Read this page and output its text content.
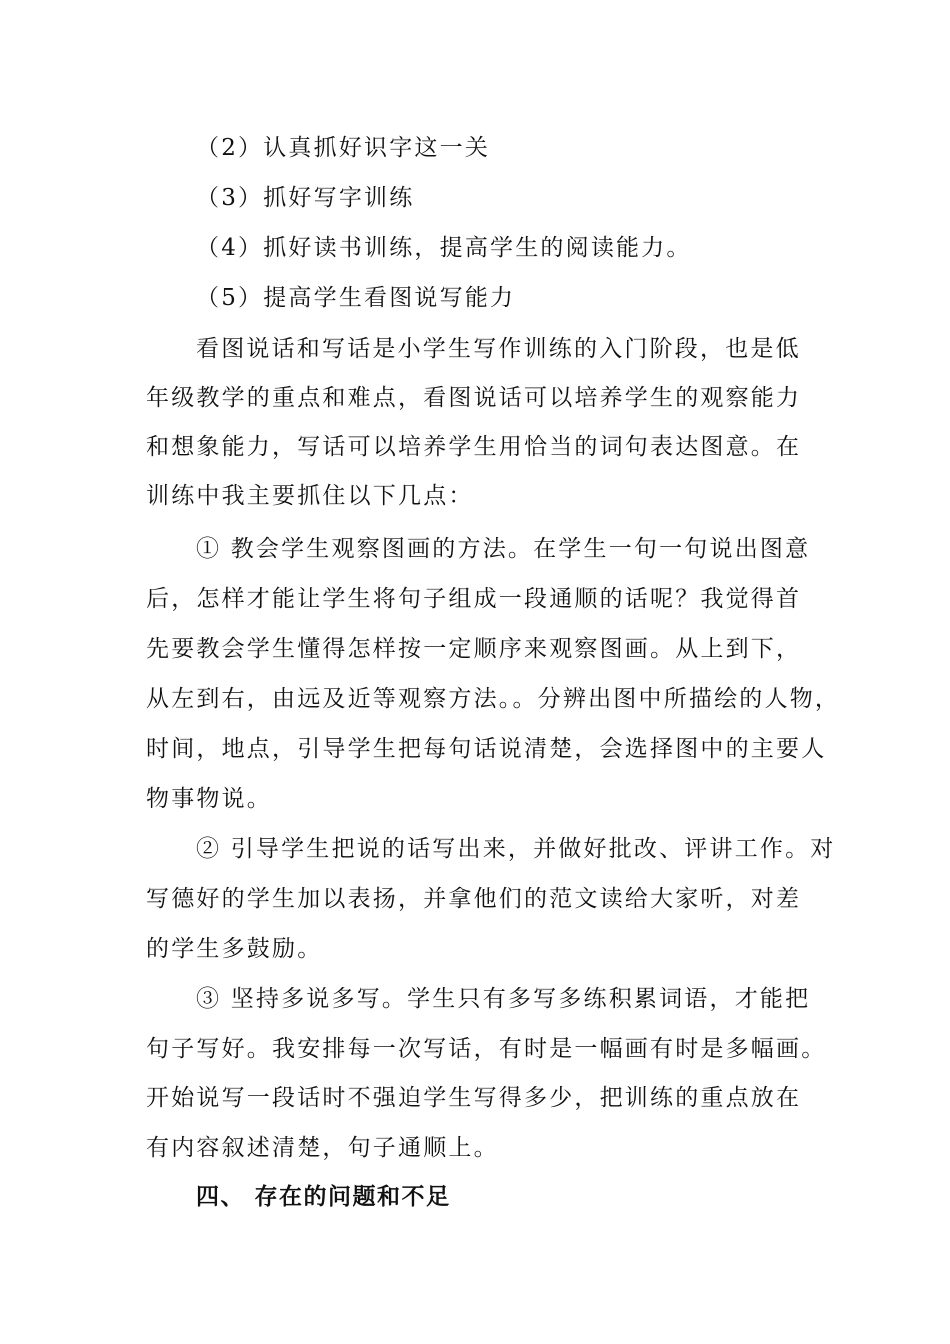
（2）认真抓好识字这一关
（3）抓好写字训练
（4）抓好读书训练，提高学生的阅读能力。
（5）提高学生看图说写能力
看图说话和写话是小学生写作训练的入门阶段，也是低
年级教学的重点和难点，看图说话可以培养学生的观察能力
和想象能力，写话可以培养学生用恰当的词句表达图意。在
训练中我主要抓住以下几点：
① 教会学生观察图画的方法。在学生一句一句说出图意
后，怎样才能让学生将句子组成一段通顺的话呢？我觉得首
先要教会学生懂得怎样按一定顺序来观察图画。从上到下，
从左到右，由远及近等观察方法。。分辨出图中所描绘的人物，
时间，地点，引导学生把每句话说清楚，会选择图中的主要人
物事物说。
② 引导学生把说的话写出来，并做好批改、评讲工作。对
写德好的学生加以表扬，并拿他们的范文读给大家听，对差
的学生多鼓励。
③ 坚持多说多写。学生只有多写多练积累词语，才能把
句子写好。我安排每一次写话，有时是一幅画有时是多幅画。
开始说写一段话时不强迫学生写得多少，把训练的重点放在
有内容叙述清楚，句子通顺上。
四、 存在的问题和不足
